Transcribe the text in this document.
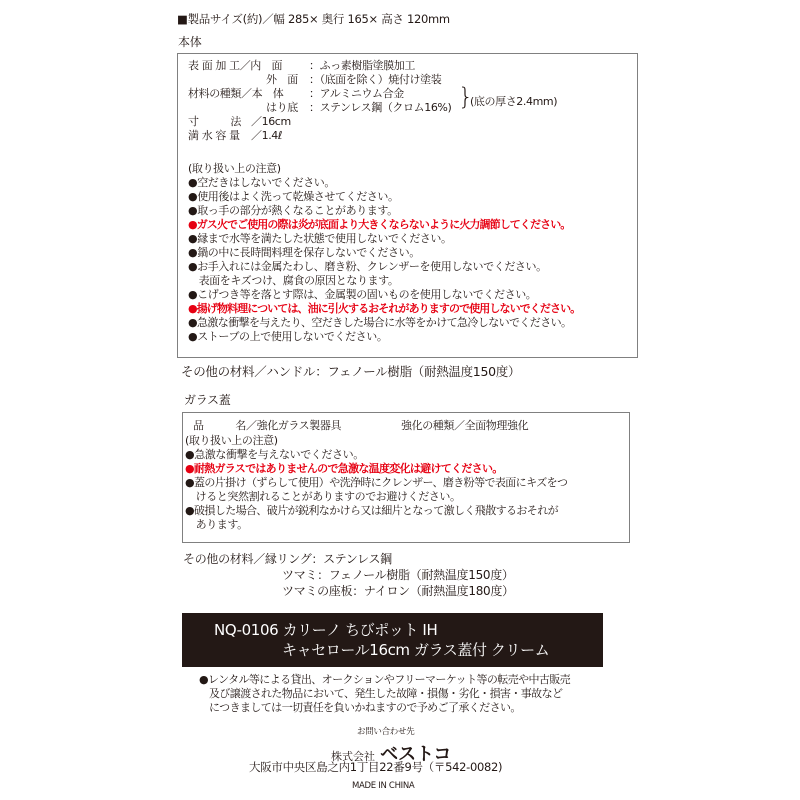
■製品サイズ(約)／幅 285× 奥行 165× 高さ 120mm
本体
表 面 加 工／内　面 ：ふっ素樹脂塗膜加工
外　面 ：（底面を除く）焼付け塗装
材料の種類／本　体 ：アルミニウム合金
はり底 ：ステンレス鋼（クロム16%) }
(底の厚さ2.4mm)
寸　　　法 ／16cm
満 水 容 量 ／1.4ℓ
(取り扱い上の注意)
●空だきはしないでください。
●使用後はよく洗って乾燥させてください。
●取っ手の部分が熱くなることがあります。
●ガス火でご使用の際は炎が底面より大きくならないように火力調節してください。
●縁まで水等を満たした状態で使用しないでください。
●鍋の中に長時間料理を保存しないでください。
●お手入れには金属たわし、磨き粉、クレンザーを使用しないでください。
　表面をキズつけ、腐食の原因となります。
●こげつき等を落とす際は、金属製の固いものを使用しないでください。
●揚げ物料理については、油に引火するおそれがありますので使用しないでください。
●急激な衝撃を与えたり、空だきした場合に水等をかけて急冷しないでください。
●ストーブの上で使用しないでください。
その他の材料／ハンドル：フェノール樹脂（耐熱温度150度）
ガラス蓋
品　　　名／強化ガラス製器具	強化の種類／全面物理強化
(取り扱い上の注意)
●急激な衝撃を与えないでください。
●耐熱ガラスではありませんので急激な温度変化は避けてください。
●蓋の片掛け（ずらして使用）や洗浄時にクレンザー、磨き粉等で表面にキズをつ
　けると突然割れることがありますのでお避けください。
●破損した場合、破片が鋭利なかけら又は細片となって激しく飛散するおそれが
　あります。
その他の材料／縁リング：ステンレス鋼
ツマミ：フェノール樹脂（耐熱温度150度）
ツマミの座板：ナイロン（耐熱温度180度）
NQ-0106 カリーノ ちびポット IH
キャセロール16cm ガラス蓋付 クリーム
●レンタル等による貸出、オークションやフリーマーケット等の転売や中古販売
及び譲渡された物品において、発生した故障・損傷・劣化・損害・事故など
につきましては一切責任を負いかねますので予めご了承ください。
お問い合わせ先
株式会社 ベストコ
大阪市中央区島之内1丁目22番9号（〒542-0082)
MADE IN CHINA
